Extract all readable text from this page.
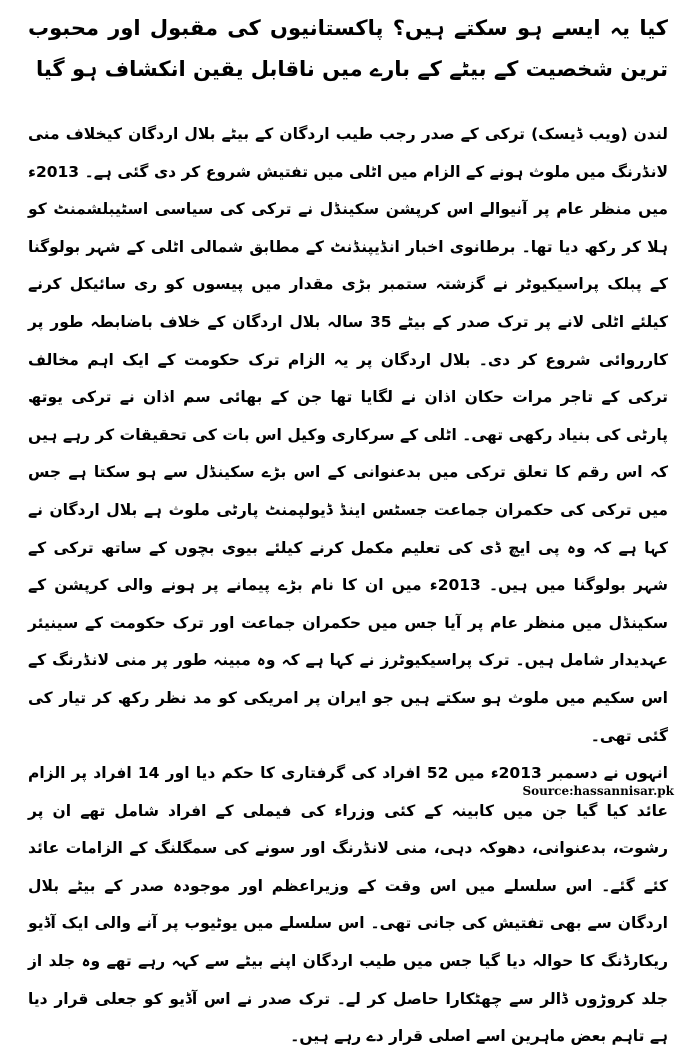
کیا یہ ایسے ہو سکتے ہیں؟ پاکستانیوں کی مقبول اور محبوب ترین شخصیت کے بیٹے کے بارے میں ناقابل یقین انکشاف ہو گیا

لندن (ویب ڈیسک) ترکی کے صدر رجب طیب اردگان کے بیٹے بلال اردگان کیخلاف منی لانڈرنگ میں ملوث ہونے کے الزام میں اٹلی میں تفتیش شروع کر دی گئی ہے۔ 2013ء میں منظر عام پر آنیوالے اس کرپشن سکینڈل نے ترکی کی سیاسی اسٹیبلشمنٹ کو ہلا کر رکھ دیا تھا۔ برطانوی اخبار انڈیپنڈنٹ کے مطابق شمالی اٹلی کے شہر بولوگنا کے پبلک پراسیکیوٹر نے گزشتہ ستمبر بڑی مقدار میں پیسوں کو ری سائیکل کرنے کیلئے اٹلی لانے پر ترک صدر کے بیٹے 35 سالہ بلال اردگان کے خلاف باضابطہ طور پر کارروائی شروع کر دی۔ بلال اردگان پر یہ الزام ترک حکومت کے ایک اہم مخالف ترکی کے تاجر مرات حکان اذان نے لگایا تھا جن کے بھائی سم اذان نے ترکی یوتھ پارٹی کی بنیاد رکھی تھی۔ اٹلی کے سرکاری وکیل اس بات کی تحقیقات کر رہے ہیں کہ اس رقم کا تعلق ترکی میں بدعنوانی کے اس بڑے سکینڈل سے ہو سکتا ہے جس میں ترکی کی حکمران جماعت جسٹس اینڈ ڈیولپمنٹ پارٹی ملوث ہے بلال اردگان نے کہا ہے کہ وہ پی ایچ ڈی کی تعلیم مکمل کرنے کیلئے بیوی بچوں کے ساتھ ترکی کے شہر بولوگنا میں ہیں۔ 2013ء میں ان کا نام بڑے پیمانے پر ہونے والی کرپشن کے سکینڈل میں منظر عام پر آیا جس میں حکمران جماعت اور ترک حکومت کے سینیئر عہدیدار شامل ہیں۔ ترک پراسیکیوٹرز نے کہا ہے کہ وہ مبینہ طور پر منی لانڈرنگ کے اس سکیم میں ملوث ہو سکتے ہیں جو ایران پر امریکی کو مد نظر رکھ کر تیار کی گئی تھی۔

انہوں نے دسمبر 2013ء میں 52 افراد کی گرفتاری کا حکم دیا اور 14 افراد پر الزام عائد کیا گیا جن میں کابینہ کے کئی وزراء کی فیملی کے افراد شامل تھے ان پر رشوت، بدعنوانی، دھوکہ دہی، منی لانڈرنگ اور سونے کی سمگلنگ کے الزامات عائد کئے گئے۔ اس سلسلے میں اس وقت کے وزیراعظم اور موجودہ صدر کے بیٹے بلال اردگان سے بھی تفتیش کی جانی تھی۔ اس سلسلے میں یوٹیوب پر آنے والی ایک آڈیو ریکارڈنگ کا حوالہ دیا گیا جس میں طیب اردگان اپنے بیٹے سے کہہ رہے تھے وہ جلد از جلد کروڑوں ڈالر سے چھٹکارا حاصل کر لے۔ ترک صدر نے اس آڈیو کو جعلی قرار دیا ہے تاہم بعض ماہرین اسے اصلی قرار دے رہے ہیں۔

Source:hassannisar.pk
